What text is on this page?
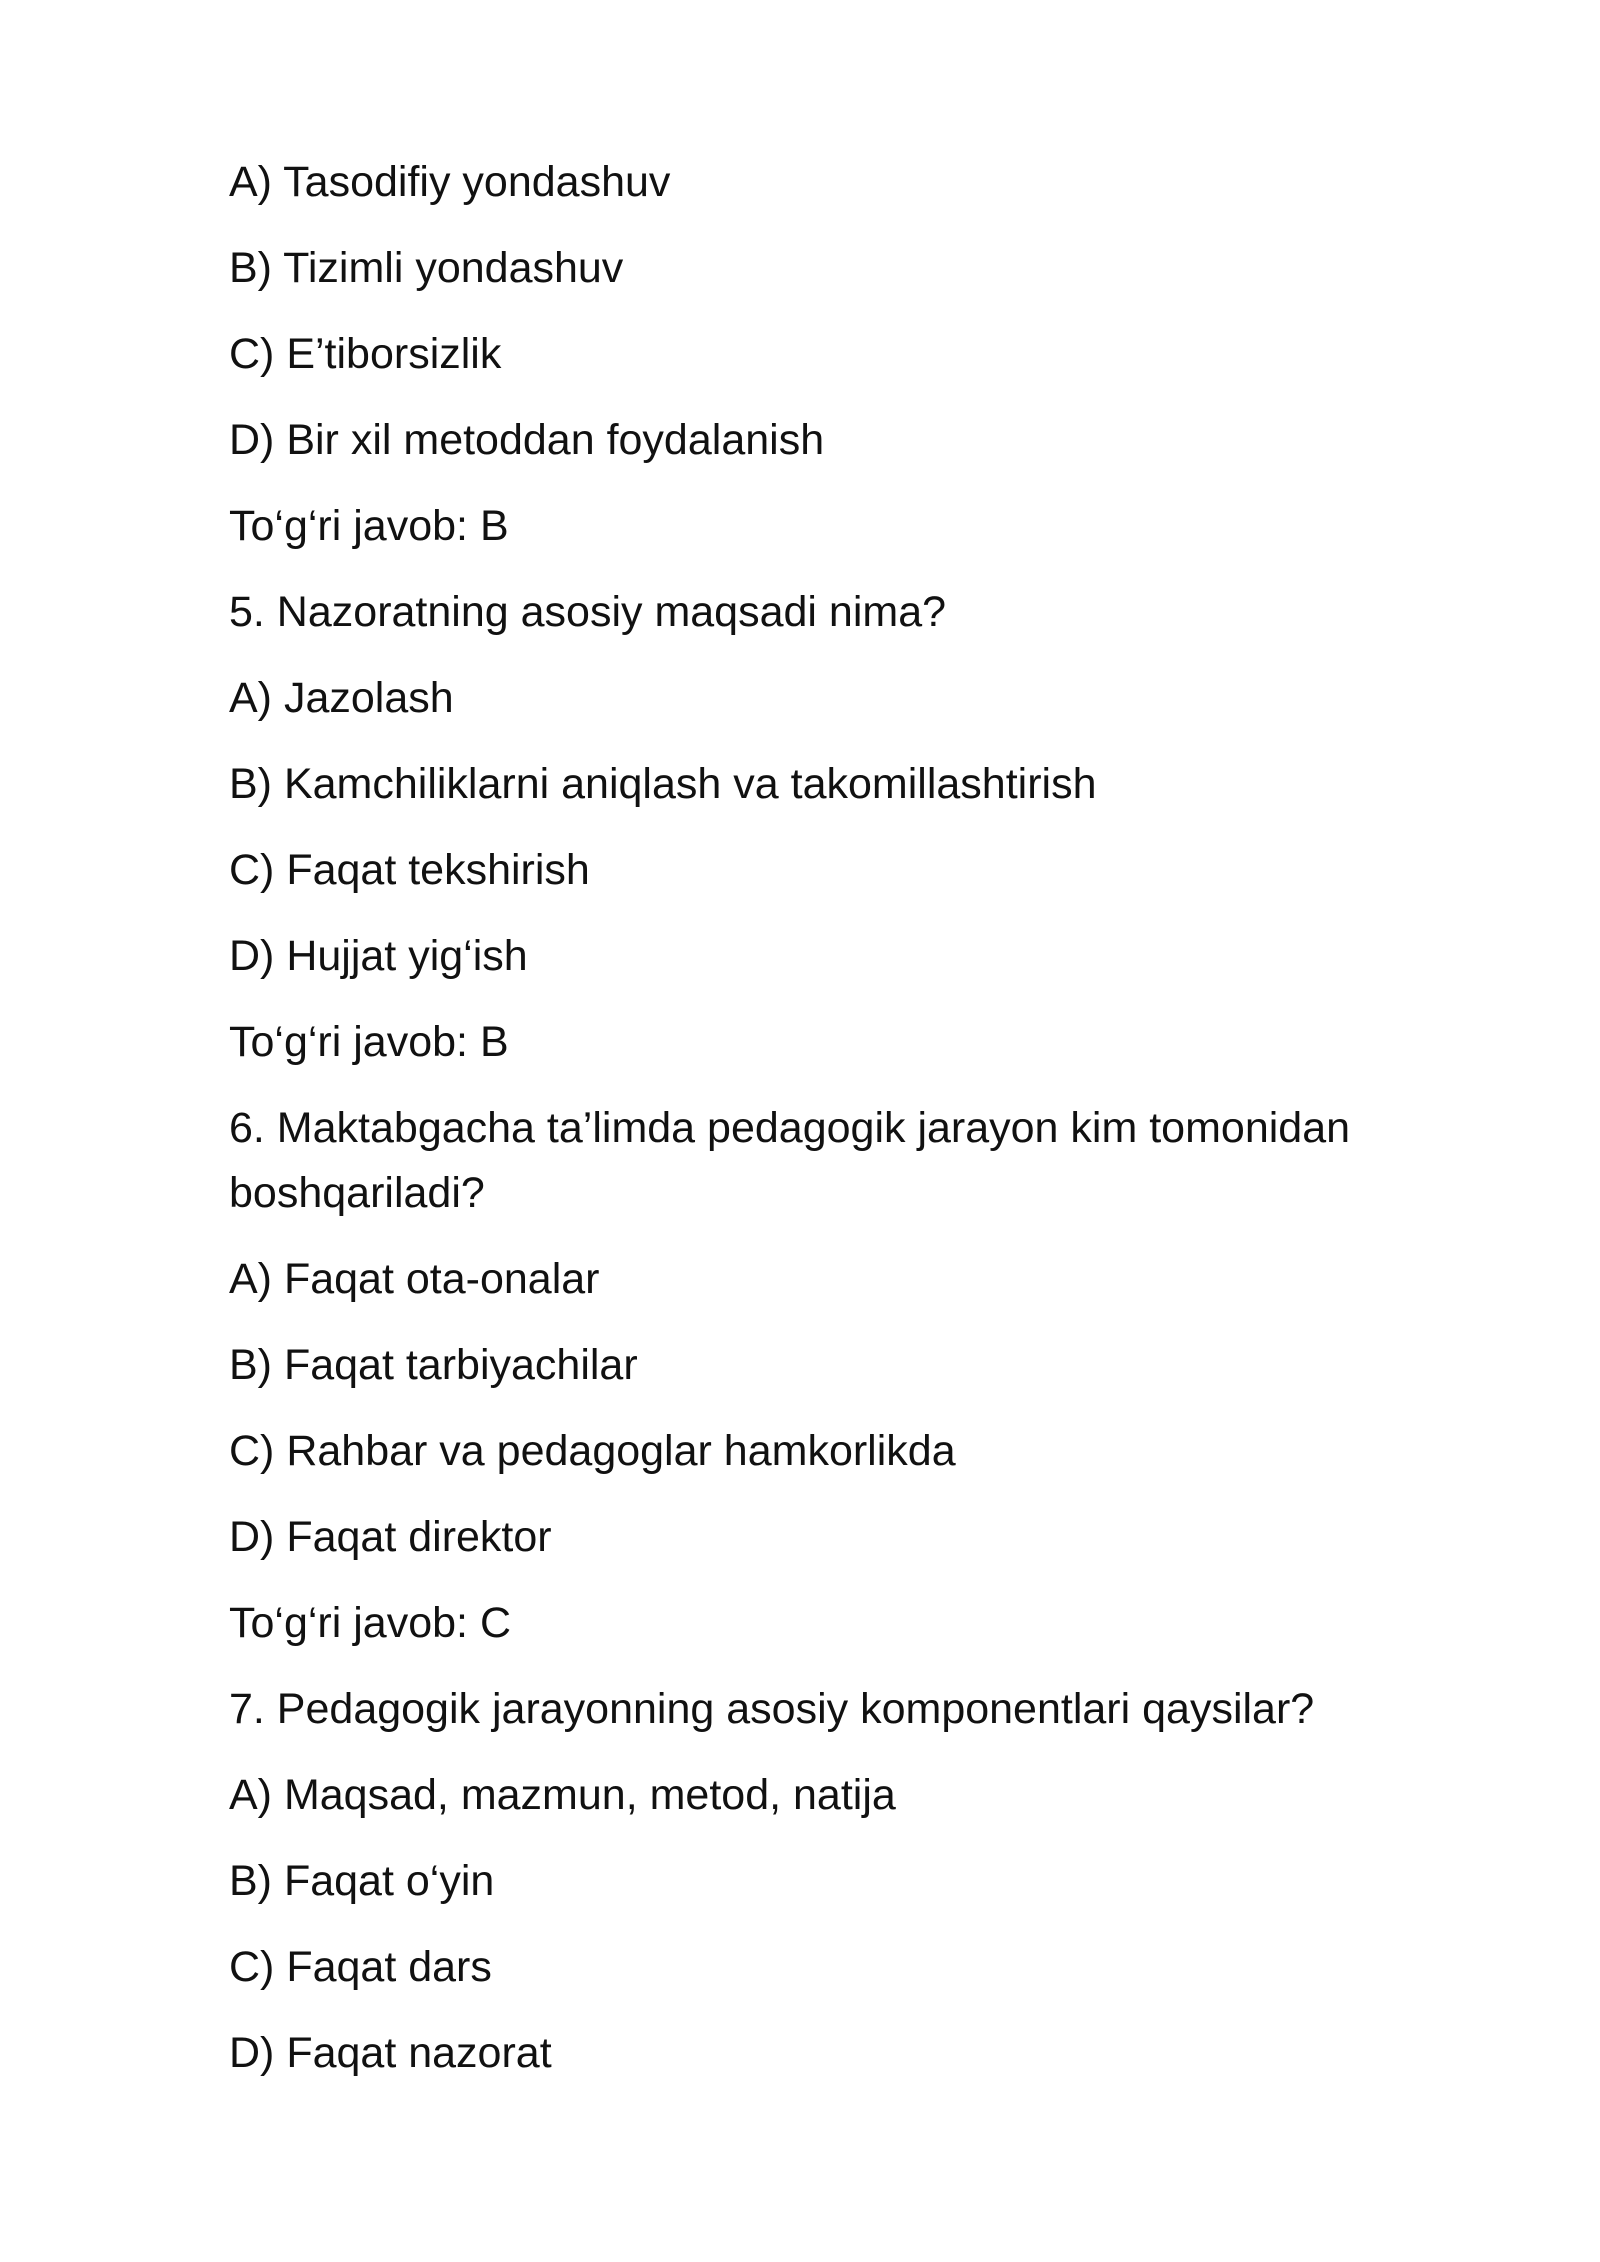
A) Tasodifiy yondashuv
B) Tizimli yondashuv
C) E’tiborsizlik
D) Bir xil metoddan foydalanish
To‘g‘ri javob: B
5. Nazoratning asosiy maqsadi nima?
A) Jazolash
B) Kamchiliklarni aniqlash va takomillashtirish
C) Faqat tekshirish
D) Hujjat yig‘ish
To‘g‘ri javob: B
6. Maktabgacha ta’limda pedagogik jarayon kim tomonidan boshqariladi?
A) Faqat ota-onalar
B) Faqat tarbiyachilar
C) Rahbar va pedagoglar hamkorlikda
D) Faqat direktor
To‘g‘ri javob: C
7. Pedagogik jarayonning asosiy komponentlari qaysilar?
A) Maqsad, mazmun, metod, natija
B) Faqat o‘yin
C) Faqat dars
D) Faqat nazorat
